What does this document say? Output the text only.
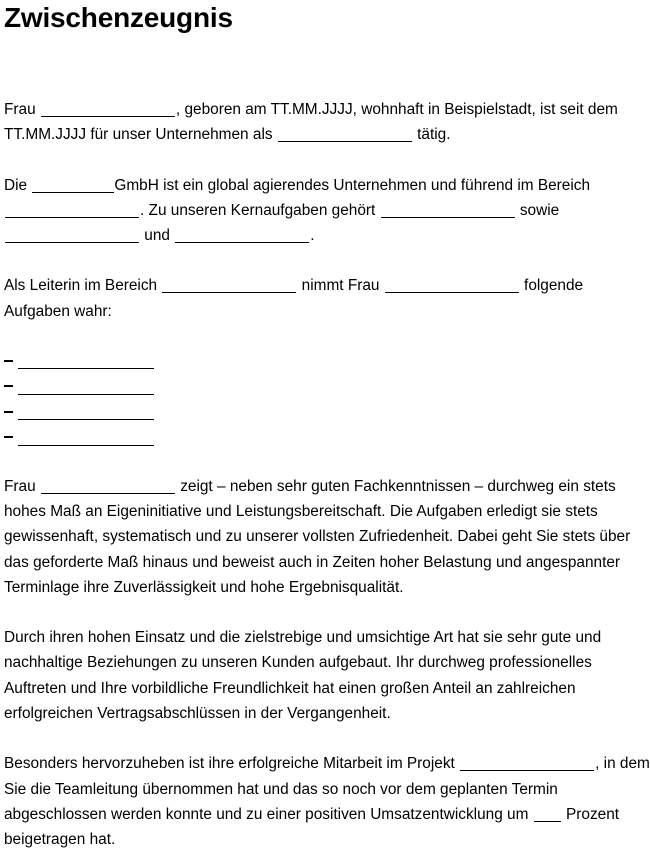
Zwischenzeugnis

Frau	, geboren am TT.MM.JJJJ, wohnhaft in Beispielstadt, ist seit dem TT.MM.JJJJ für unser Unternehmen als	tätig.

Die	GmbH ist ein global agierendes Unternehmen und führend im Bereich . Zu unseren Kernaufgaben gehört	sowie  und	.

Als Leiterin im Bereich	nimmt Frau	folgende Aufgaben wahr:

Frau	zeigt – neben sehr guten Fachkenntnissen – durchweg ein stets hohes Maß an Eigeninitiative und Leistungsbereitschaft. Die Aufgaben erledigt sie stets gewissenhaft, systematisch und zu unserer vollsten Zufriedenheit. Dabei geht Sie stets über das geforderte Maß hinaus und beweist auch in Zeiten hoher Belastung und angespannter Terminlage ihre Zuverlässigkeit und hohe Ergebnisqualität.

Durch ihren hohen Einsatz und die zielstrebige und umsichtige Art hat sie sehr gute und nachhaltige Beziehungen zu unseren Kunden aufgebaut. Ihr durchweg professionelles Auftreten und Ihre vorbildliche Freundlichkeit hat einen großen Anteil an zahlreichen erfolgreichen Vertragsabschlüssen in der Vergangenheit.

Besonders hervorzuheben ist ihre erfolgreiche Mitarbeit im Projekt	, in dem Sie die Teamleitung übernommen hat und das so noch vor dem geplanten Termin abgeschlossen werden konnte und zu einer positiven Umsatzentwicklung um  Prozent beigetragen hat.
